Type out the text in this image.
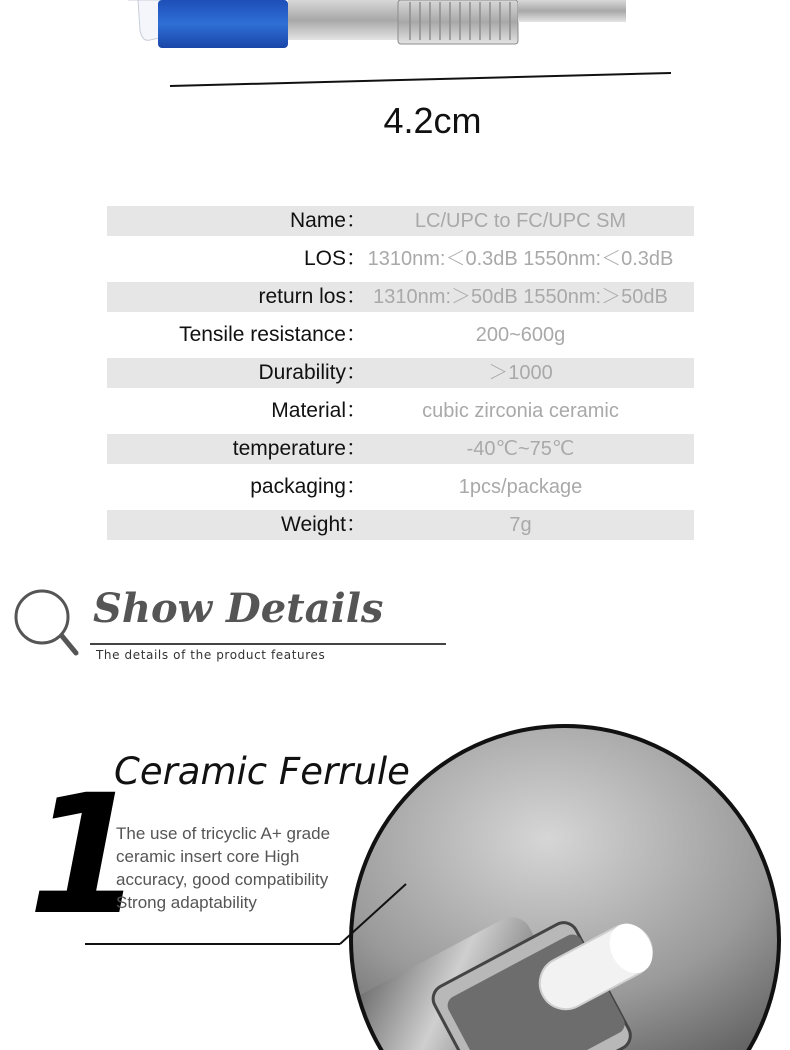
4.2cm
Name：	LC/UPC to FC/UPC SM
LOS： 1310nm:＜0.3dB 1550nm:＜0.3dB
return los： 1310nm:＞50dB 1550nm:＞50dB
Tensile resistance：	200~600g
Durability：	＞1000
Material：	cubic zirconia ceramic
temperature：	-40℃~75℃
packaging：	1pcs/package
Weight：	7g
Show Details
The details of the product features
1
Ceramic Ferrule
The use of tricyclic A+ grade
ceramic insert core High
accuracy, good compatibility
Strong adaptability
